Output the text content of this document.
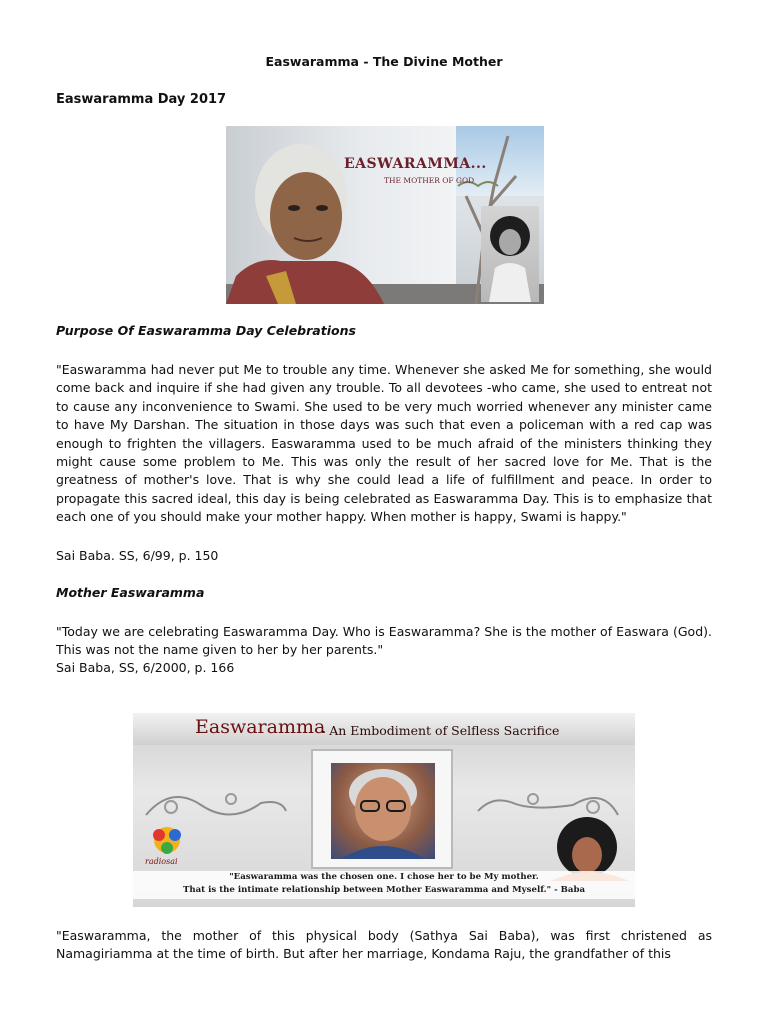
Easwaramma - The Divine Mother
Easwaramma Day 2017
EASWARAMMA...
THE MOTHER OF GOD
Purpose Of Easwaramma Day Celebrations

"Easwaramma had never put Me to trouble any time. Whenever she asked Me for something, she would come back and inquire if she had given any trouble. To all devotees -who came, she used to entreat not to cause any inconvenience to Swami. She used to be very much worried whenever any minister came to have My Darshan. The situation in those days was such that even a policeman with a red cap was enough to frighten the villagers. Easwaramma used to be much afraid of the ministers thinking they might cause some problem to Me. This was only the result of her sacred love for Me. That is the greatness of mother's love. That is why she could lead a life of fulfillment and peace. In order to propagate this sacred ideal, this day is being celebrated as Easwaramma Day. This is to emphasize that each one of you should make your mother happy. When mother is happy, Swami is happy."

Sai Baba. SS, 6/99, p. 150
Mother Easwaramma

"Today we are celebrating Easwaramma Day. Who is Easwaramma? She is the mother of Easwara (God). This was not the name given to her by her parents."

Sai Baba, SS, 6/2000, p. 166
Easwaramma
- An Embodiment of Selfless Sacrifice
radiosai
"Easwaramma was the chosen one. I chose her to be My mother.
That is the intimate relationship between Mother Easwaramma and Myself." - Baba

"Easwaramma, the mother of this physical body (Sathya Sai Baba), was first christened as Namagiriamma at the time of birth. But after her marriage, Kondama Raju, the grandfather of this
